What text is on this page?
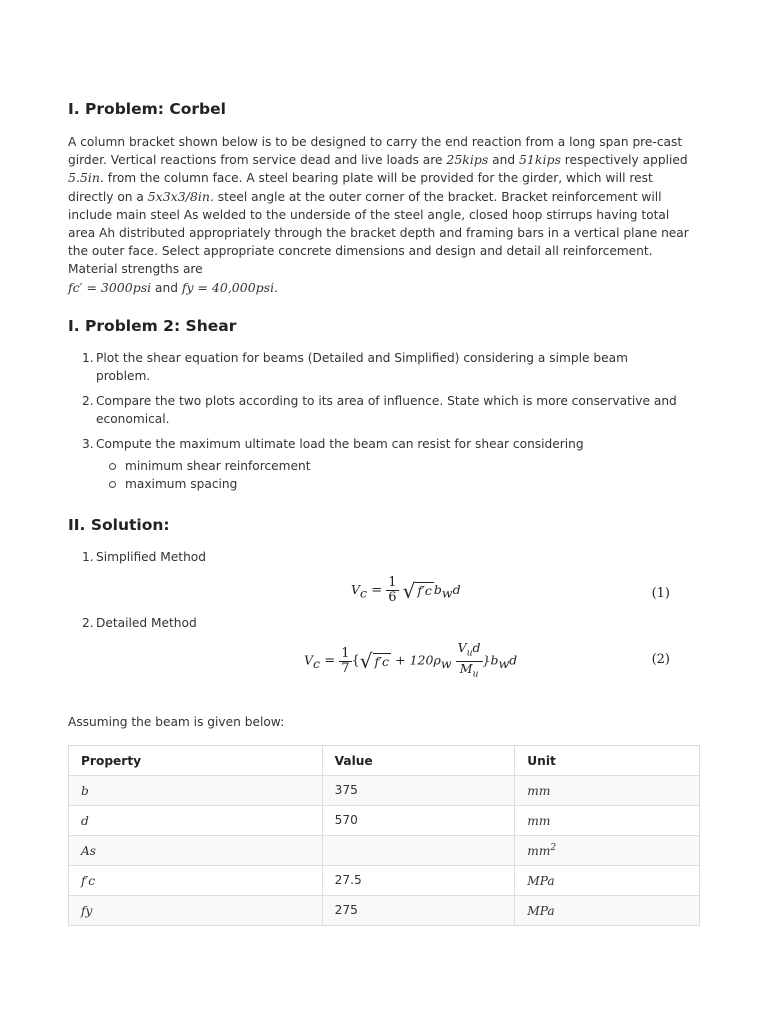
I. Problem: Corbel

A column bracket shown below is to be designed to carry the end reaction from a long span pre-cast girder. Vertical reactions from service dead and live loads are 25kips and 51kips respectively applied 5.5in. from the column face. A steel bearing plate will be provided for the girder, which will rest directly on a 5x3x3/8in. steel angle at the outer corner of the bracket. Bracket reinforcement will include main steel As welded to the underside of the steel angle, closed hoop stirrups having total area Ah distributed appropriately through the bracket depth and framing bars in a vertical plane near the outer face. Select appropriate concrete dimensions and design and detail all reinforcement. Material strengths are
fc′ = 3000psi and fy = 40,000psi.

I. Problem 2: Shear
1. Plot the shear equation for beams (Detailed and Simplified) considering a simple beam problem.
2. Compare the two plots according to its area of influence. State which is more conservative and economical.
3. Compute the maximum ultimate load the beam can resist for shear considering
minimum shear reinforcement
maximum spacing
II. Solution:
1. Simplified Method
$V_c = \frac{1}{6}$ √ f′c $b_wd$	(1)
2. Detailed Method
$V_c = \frac{1}{7}$ {√ $f'c + 120\rho_w \frac{V_ud}{M_u} \}b_wd$	(2)

Assuming the beam is given below:

Property	Value	Unit
b	375	mm
d	570	mm
As		$mm^2$
f′c	27.5	MPa
fy	275	MPa
